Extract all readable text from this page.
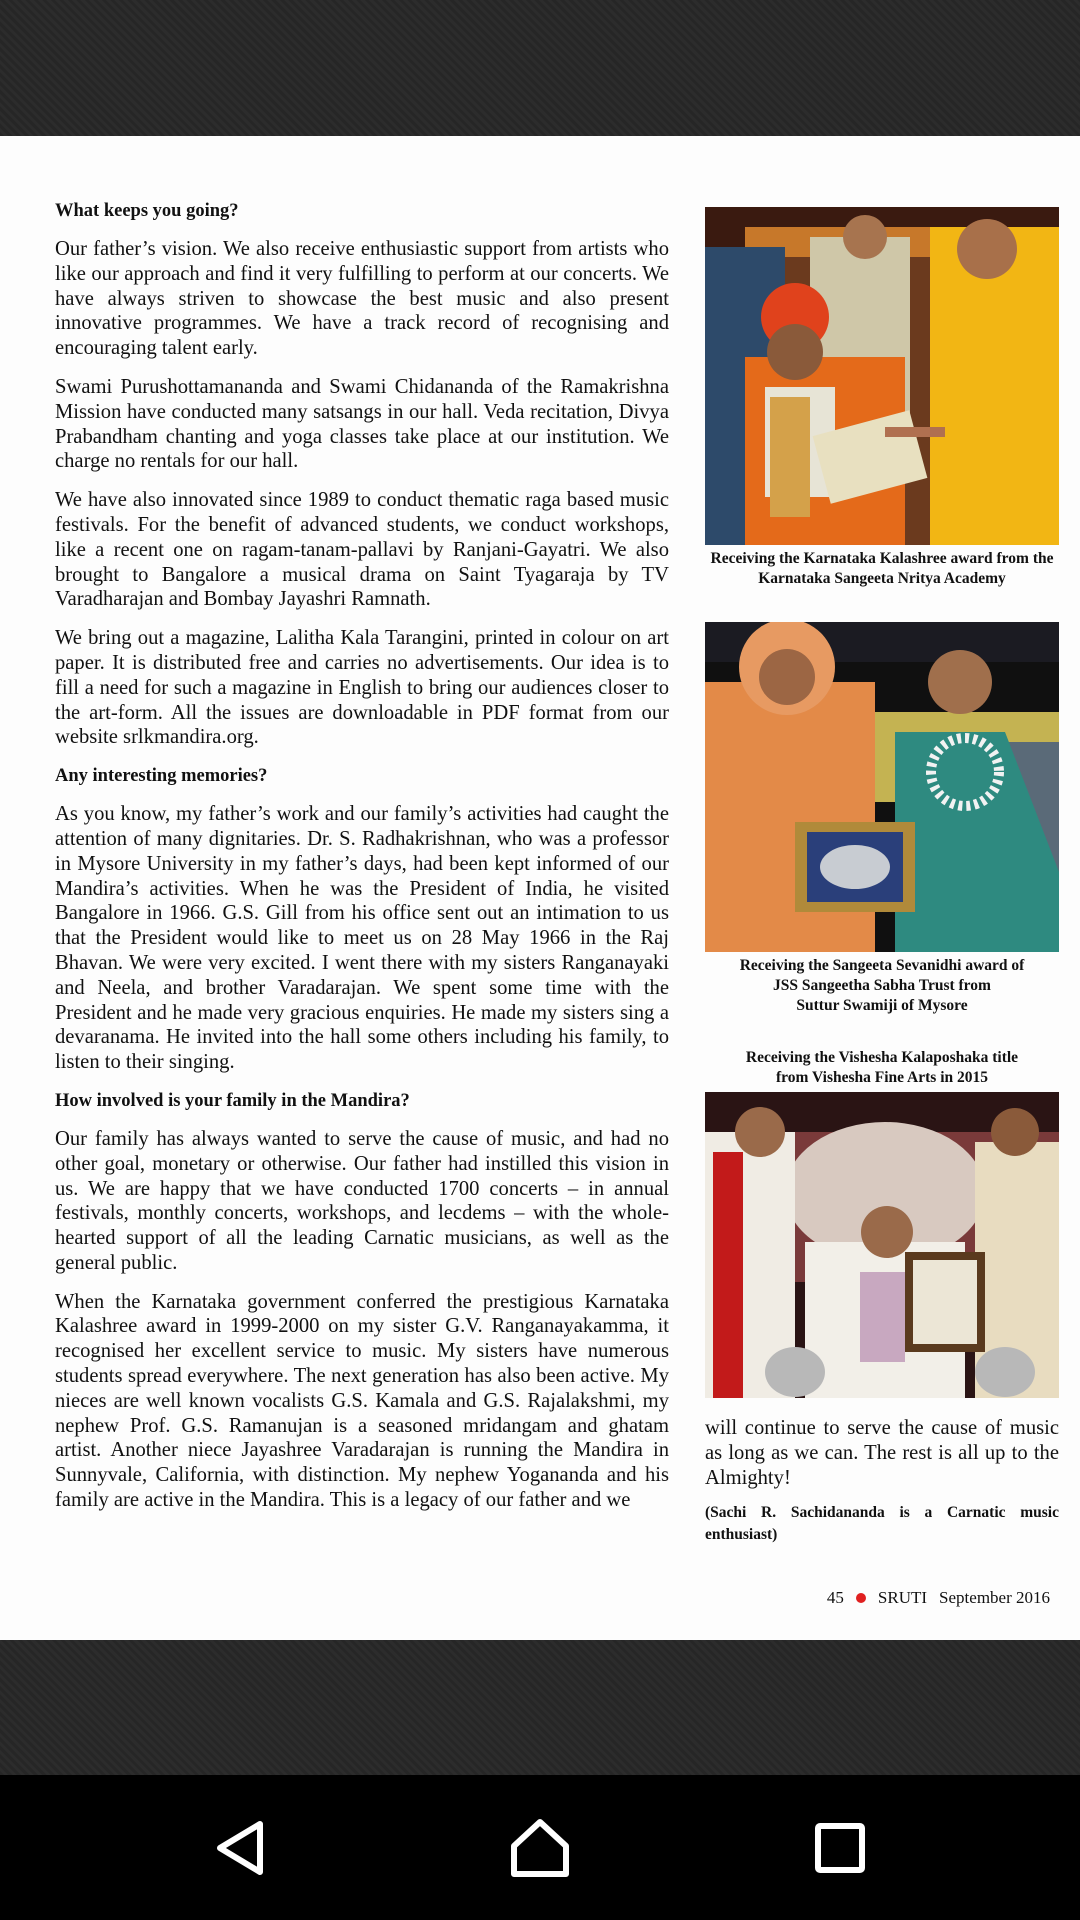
What keeps you going?

Our father’s vision. We also receive enthusiastic support from artists who like our approach and find it very fulfilling to perform at our concerts. We have always striven to showcase the best music and also present innovative programmes. We have a track record of recognising and encouraging talent early.

Swami Purushottamananda and Swami Chidananda of the Ramakrishna Mission have conducted many satsangs in our hall. Veda recitation, Divya Prabandham chanting and yoga classes take place at our institution. We charge no rentals for our hall.

We have also innovated since 1989 to conduct thematic raga based music festivals. For the benefit of advanced students, we conduct workshops, like a recent one on ragam-tanam-pallavi by Ranjani-Gayatri. We also brought to Bangalore a musical drama on Saint Tyagaraja by TV Varadharajan and Bombay Jayashri Ramnath.

We bring out a magazine, Lalitha Kala Tarangini, printed in colour on art paper. It is distributed free and carries no advertisements. Our idea is to fill a need for such a magazine in English to bring our audiences closer to the art-form. All the issues are downloadable in PDF format from our website srlkmandira.org.

Any interesting memories?

As you know, my father’s work and our family’s activities had caught the attention of many dignitaries. Dr. S. Radhakrishnan, who was a professor in Mysore University in my father’s days, had been kept informed of our Mandira’s activities. When he was the President of India, he visited Bangalore in 1966. G.S. Gill from his office sent out an intimation to us that the President would like to meet us on 28 May 1966 in the Raj Bhavan. We were very excited. I went there with my sisters Ranganayaki and Neela, and brother Varadarajan. We spent some time with the President and he made very gracious enquiries. He made my sisters sing a devaranama. He invited into the hall some others including his family, to listen to their singing.

How involved is your family in the Mandira?

Our family has always wanted to serve the cause of music, and had no other goal, monetary or otherwise. Our father had instilled this vision in us. We are happy that we have conducted 1700 concerts – in annual festivals, monthly concerts, workshops, and lecdems – with the whole-hearted support of all the leading Carnatic musicians, as well as the general public.

When the Karnataka government conferred the prestigious Karnataka Kalashree award in 1999-2000 on my sister G.V. Ranganayakamma, it recognised her excellent service to music. My sisters have numerous students spread everywhere. The next generation has also been active. My nieces are well known vocalists G.S. Kamala and G.S. Rajalakshmi, my nephew Prof. G.S. Ramanujan is a seasoned mridangam and ghatam artist. Another niece Jayashree Varadarajan is running the Mandira in Sunnyvale, California, with distinction. My nephew Yogananda and his family are active in the Mandira. This is a legacy of our father and we

Receiving the Karnataka Kalashree award from the
Karnataka Sangeeta Nritya Academy
Receiving the Sangeeta Sevanidhi award of
JSS Sangeetha Sabha Trust from
Suttur Swamiji of Mysore
Receiving the Vishesha Kalaposhaka title
from Vishesha Fine Arts in 2015
will continue to serve the cause of music as long as we can. The rest is all up to the Almighty!
(Sachi R. Sachidananda is a Carnatic music enthusiast)
45 SRUTI September 2016
